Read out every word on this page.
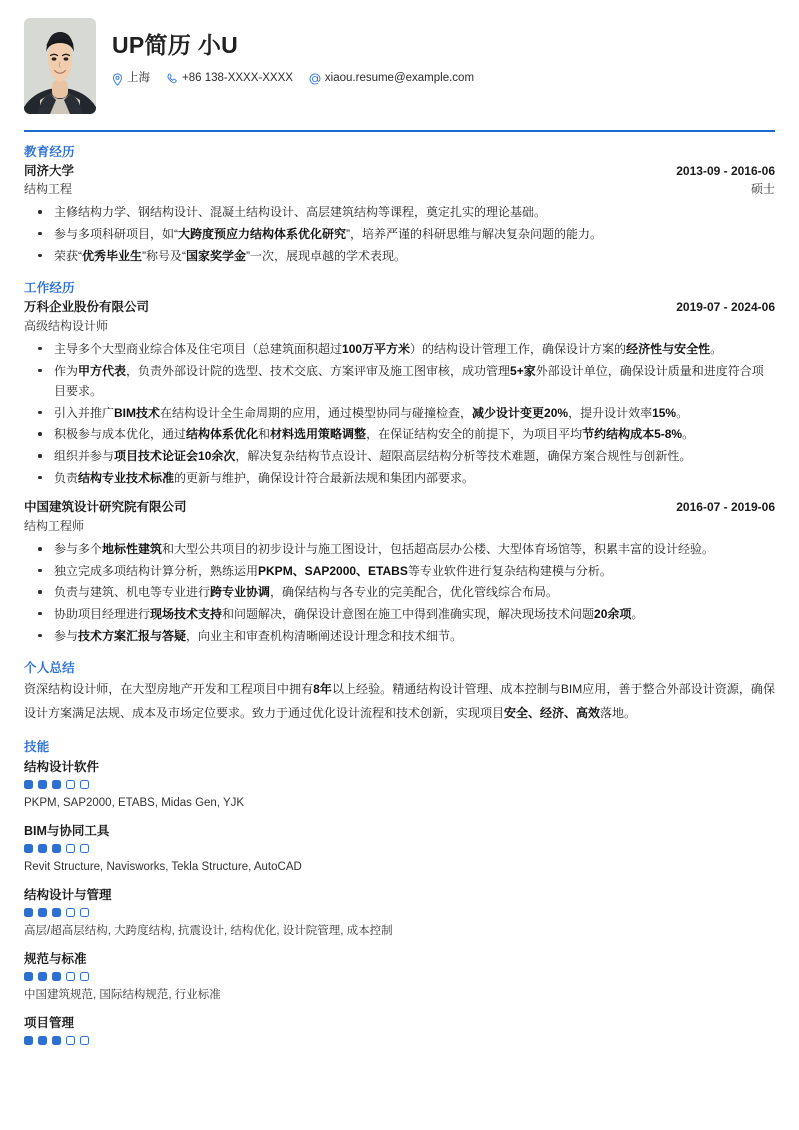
UP简历 小U
上海	+86 138-XXXX-XXXX	xiaou.resume@example.com
教育经历
同济大学	2013-09 - 2016-06
结构工程	硕士
主修结构力学、钢结构设计、混凝土结构设计、高层建筑结构等课程，奠定扎实的理论基础。
参与多项科研项目，如“大跨度预应力结构体系优化研究”，培养严谨的科研思维与解决复杂问题的能力。
荣获“优秀毕业生”称号及“国家奖学金”一次，展现卓越的学术表现。
工作经历
万科企业股份有限公司	2019-07 - 2024-06
高级结构设计师
主导多个大型商业综合体及住宅项目（总建筑面积超过100万平方米）的结构设计管理工作，确保设计方案的经济性与安全性。
作为甲方代表，负责外部设计院的选型、技术交底、方案评审及施工图审核，成功管理5+家外部设计单位，确保设计质量和进度符合项目要求。
引入并推广BIM技术在结构设计全生命周期的应用，通过模型协同与碰撞检查，减少设计变更20%，提升设计效率15%。
积极参与成本优化，通过结构体系优化和材料选用策略调整，在保证结构安全的前提下，为项目平均节约结构成本5-8%。
组织并参与项目技术论证会10余次，解决复杂结构节点设计、超限高层结构分析等技术难题，确保方案合规性与创新性。
负责结构专业技术标准的更新与维护，确保设计符合最新法规和集团内部要求。
中国建筑设计研究院有限公司	2016-07 - 2019-06
结构工程师
参与多个地标性建筑和大型公共项目的初步设计与施工图设计，包括超高层办公楼、大型体育场馆等，积累丰富的设计经验。
独立完成多项结构计算分析，熟练运用PKPM、SAP2000、ETABS等专业软件进行复杂结构建模与分析。
负责与建筑、机电等专业进行跨专业协调，确保结构与各专业的完美配合，优化管线综合布局。
协助项目经理进行现场技术支持和问题解决，确保设计意图在施工中得到准确实现，解决现场技术问题20余项。
参与技术方案汇报与答疑，向业主和审查机构清晰阐述设计理念和技术细节。
个人总结
资深结构设计师，在大型房地产开发和工程项目中拥有8年以上经验。精通结构设计管理、成本控制与BIM应用，善于整合外部设计资源，确保设计方案满足法规、成本及市场定位要求。致力于通过优化设计流程和技术创新，实现项目安全、经济、高效落地。
技能
结构设计软件
PKPM, SAP2000, ETABS, Midas Gen, YJK
BIM与协同工具
Revit Structure, Navisworks, Tekla Structure, AutoCAD
结构设计与管理
高层/超高层结构, 大跨度结构, 抗震设计, 结构优化, 设计院管理, 成本控制
规范与标准
中国建筑规范, 国际结构规范, 行业标准
项目管理
